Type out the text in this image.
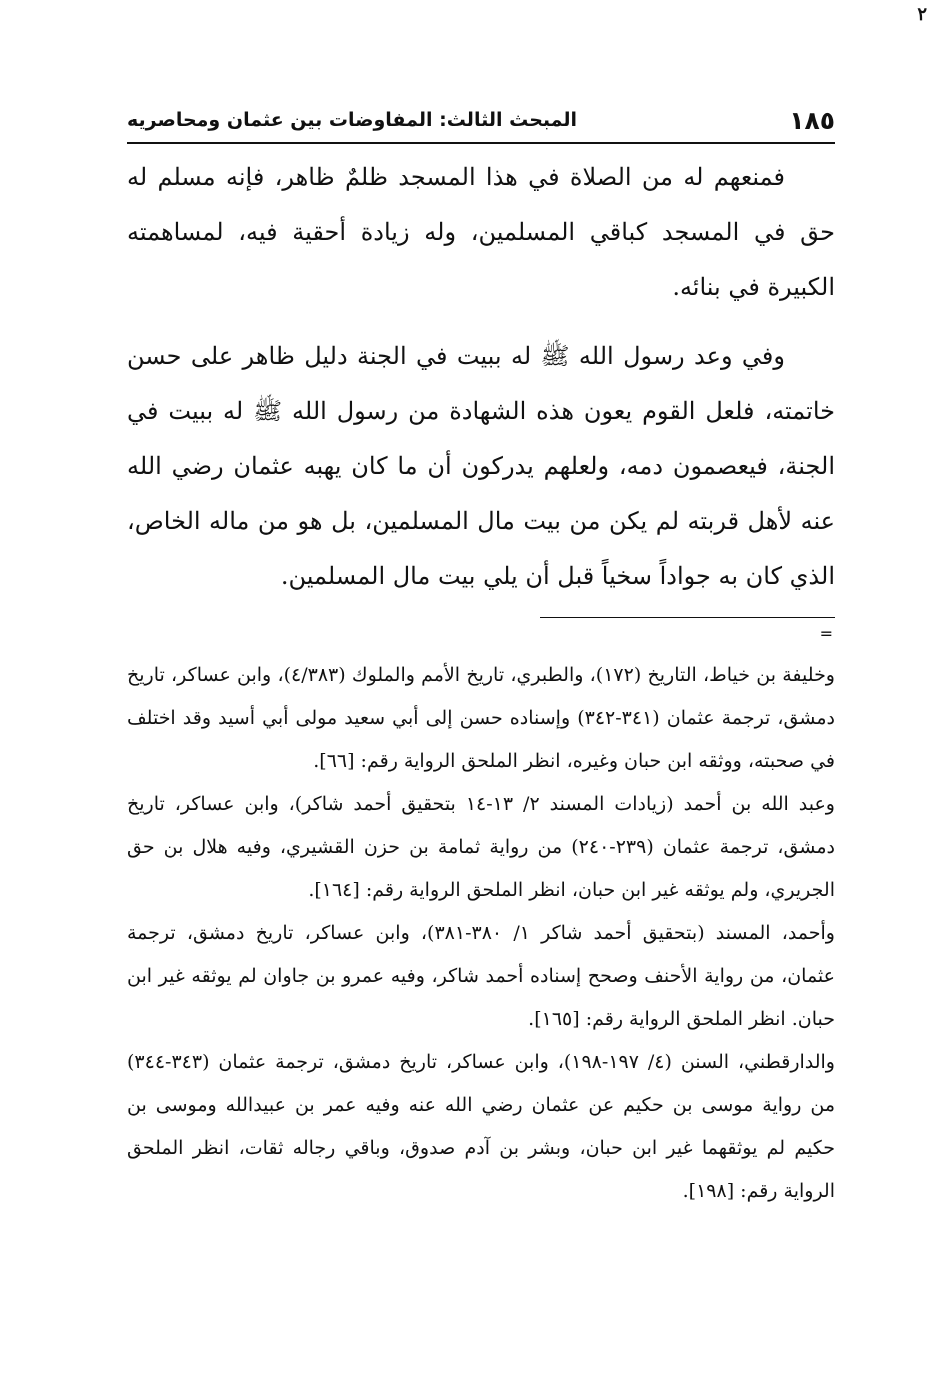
۲
١٨٥
المبحث الثالث: المفاوضات بين عثمان ومحاصريه

فمنعهم له من الصلاة في هذا المسجد ظلمٌ ظاهر، فإنه مسلم له حق في المسجد كباقي المسلمين، وله زيادة أحقية فيه، لمساهمته الكبيرة في بنائه.

وفي وعد رسول الله ﷺ له ببيت في الجنة دليل ظاهر على حسن خاتمته، فلعل القوم يعون هذه الشهادة من رسول الله ﷺ له ببيت في الجنة، فيعصمون دمه، ولعلهم يدركون أن ما كان يهبه عثمان رضي الله عنه لأهل قربته لم يكن من بيت مال المسلمين، بل هو من ماله الخاص، الذي كان به جواداً سخياً قبل أن يلي بيت مال المسلمين.

=

وخليفة بن خياط، التاريخ (١٧٢)، والطبري، تاريخ الأمم والملوك (٤/٣٨٣)، وابن عساكر، تاريخ دمشق، ترجمة عثمان (٣٤١-٣٤٢) وإسناده حسن إلى أبي سعيد مولى أبي أسيد وقد اختلف في صحبته، ووثقه ابن حبان وغيره، انظر الملحق الرواية رقم: [٦٦].

وعبد الله بن أحمد (زيادات المسند ٢/ ١٣-١٤ بتحقيق أحمد شاكر)، وابن عساكر، تاريخ دمشق، ترجمة عثمان (٢٣٩-٢٤٠) من رواية ثمامة بن حزن القشيري، وفيه هلال بن حق الجريري، ولم يوثقه غير ابن حبان، انظر الملحق الرواية رقم: [١٦٤].

وأحمد، المسند (بتحقيق أحمد شاكر ١/ ٣٨٠-٣٨١)، وابن عساكر، تاريخ دمشق، ترجمة عثمان، من رواية الأحنف وصحح إسناده أحمد شاكر، وفيه عمرو بن جاوان لم يوثقه غير ابن حبان. انظر الملحق الرواية رقم: [١٦٥].

والدارقطني، السنن (٤/ ١٩٧-١٩٨)، وابن عساكر، تاريخ دمشق، ترجمة عثمان (٣٤٣-٣٤٤) من رواية موسى بن حكيم عن عثمان رضي الله عنه وفيه عمر بن عبيدالله وموسى بن حكيم لم يوثقهما غير ابن حبان، وبشر بن آدم صدوق، وباقي رجاله ثقات، انظر الملحق الرواية رقم: [١٩٨].
